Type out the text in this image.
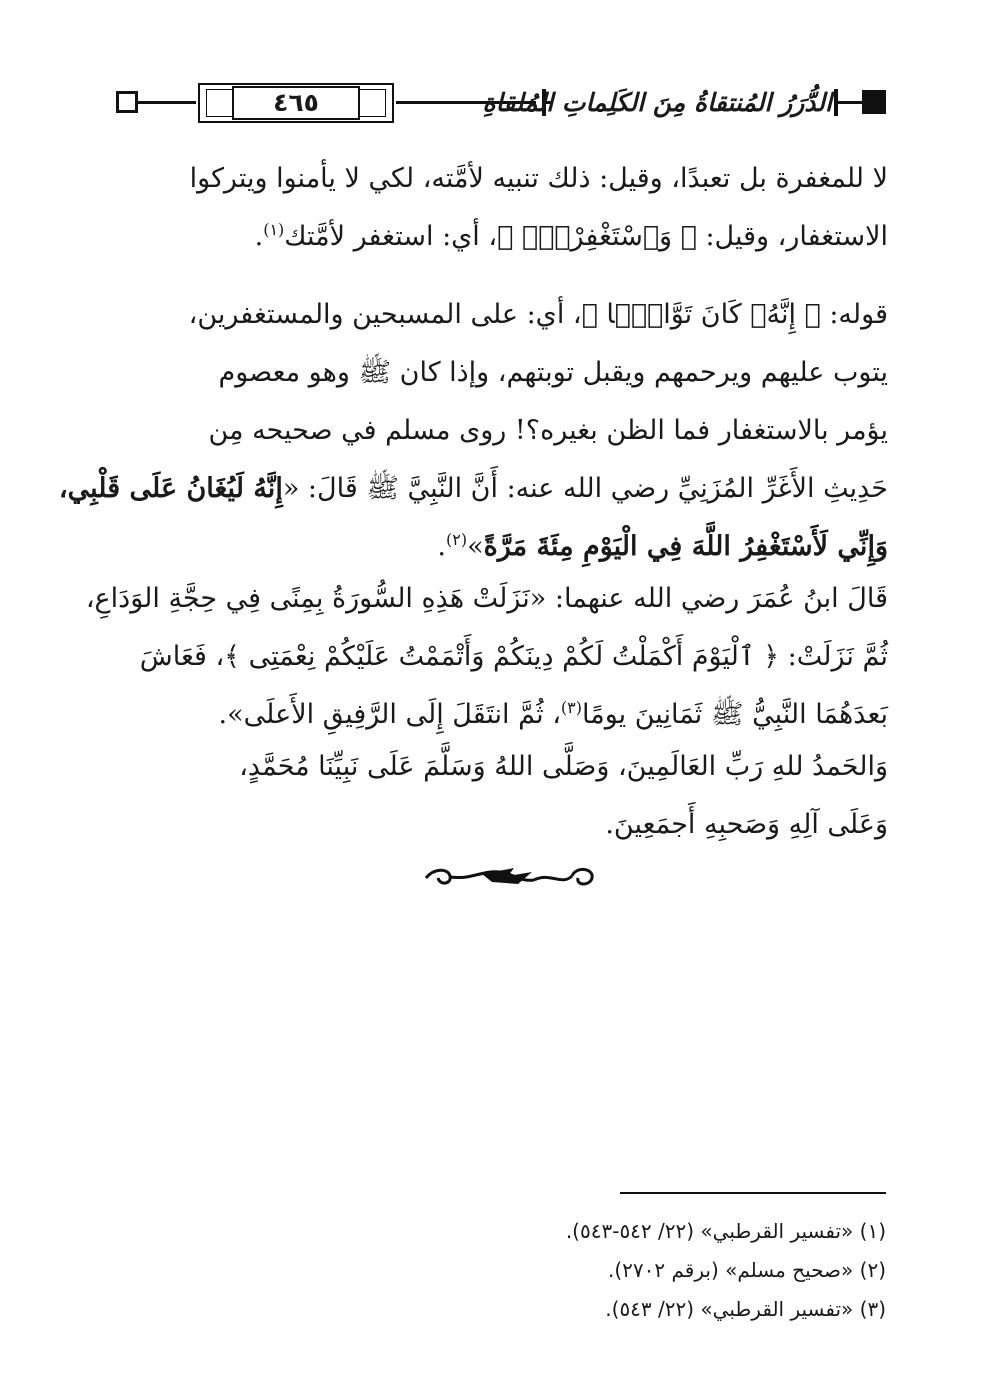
٤٦٥	الدُّرَرُ المُنتقاةُ مِنَ الكَلِماتِ المُلقاةِ
لا للمغفرة بل تعبدًا، وقيل: ذلك تنبيه لأمَّته، لكي لا يأمنوا ويتركوا
الاستغفار، وقيل: ﴿ وَٱسْتَغْفِرْهُۚ ﴾، أي: استغفر لأمَّتك$^{(١)}$.
قوله: ﴿ إِنَّهُۥ كَانَ تَوَّابًۢا ﴾، أي: على المسبحين والمستغفرين،
يتوب عليهم ويرحمهم ويقبل توبتهم، وإذا كان ﷺ وهو معصوم
يؤمر بالاستغفار فما الظن بغيره؟! روى مسلم في صحيحه مِن
حَدِيثِ الأَغَرِّ المُزَنِيِّ رضي الله عنه: أَنَّ النَّبِيَّ ﷺ قَالَ: «إِنَّهُ لَيُغَانُ عَلَى قَلْبِي،
وَإِنِّي لَأَسْتَغْفِرُ اللَّهَ فِي الْيَوْمِ مِئَةَ مَرَّةً»$^{(٢)}$.
قَالَ ابنُ عُمَرَ رضي الله عنهما: «نَزَلَتْ هَذِهِ السُّورَةُ بِمِنًى فِي حِجَّةِ الوَدَاعِ،
ثُمَّ نَزَلَتْ: ﴿ ٱلْيَوْمَ أَكْمَلْتُ لَكُمْ دِينَكُمْ وَأَتْمَمْتُ عَلَيْكُمْ نِعْمَتِى ﴾، فَعَاشَ
بَعدَهُمَا النَّبِيُّ ﷺ ثَمَانِينَ يومًا$^{(٣)}$، ثُمَّ انتَقَلَ إِلَى الرَّفِيقِ الأَعلَى».
وَالحَمدُ للهِ رَبِّ العَالَمِينَ، وَصَلَّى اللهُ وَسَلَّمَ عَلَى نَبِيِّنَا مُحَمَّدٍ،
وَعَلَى آلِهِ وَصَحبِهِ أَجمَعِينَ.
(١) «تفسير القرطبي» (٢٢/ ٥٤٢-٥٤٣).
(٢) «صحيح مسلم» (برقم ٢٧٠٢).
(٣) «تفسير القرطبي» (٢٢/ ٥٤٣).
